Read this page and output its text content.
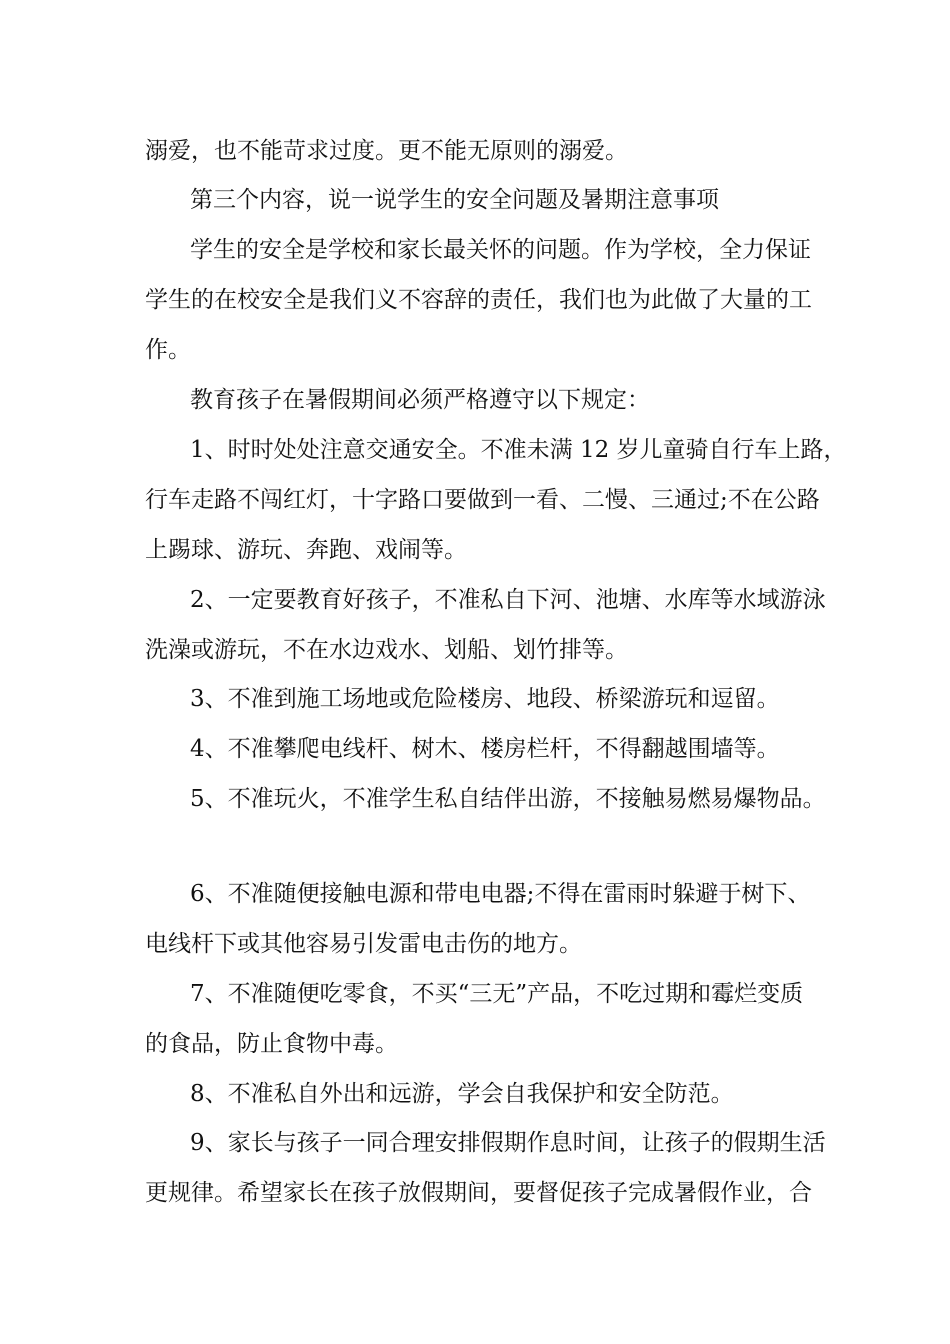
溺爱，也不能苛求过度。更不能无原则的溺爱。
第三个内容，说一说学生的安全问题及暑期注意事项
学生的安全是学校和家长最关怀的问题。作为学校，全力保证
学生的在校安全是我们义不容辞的责任，我们也为此做了大量的工
作。
教育孩子在暑假期间必须严格遵守以下规定：
1、时时处处注意交通安全。不准未满 12 岁儿童骑自行车上路，
行车走路不闯红灯，十字路口要做到一看、二慢、三通过;不在公路
上踢球、游玩、奔跑、戏闹等。
2、一定要教育好孩子，不准私自下河、池塘、水库等水域游泳
洗澡或游玩，不在水边戏水、划船、划竹排等。
3、不准到施工场地或危险楼房、地段、桥梁游玩和逗留。
4、不准攀爬电线杆、树木、楼房栏杆，不得翻越围墙等。
5、不准玩火，不准学生私自结伴出游，不接触易燃易爆物品。
6、不准随便接触电源和带电电器;不得在雷雨时躲避于树下、
电线杆下或其他容易引发雷电击伤的地方。
7、不准随便吃零食，不买“三无”产品，不吃过期和霉烂变质
的食品，防止食物中毒。
8、不准私自外出和远游，学会自我保护和安全防范。
9、家长与孩子一同合理安排假期作息时间，让孩子的假期生活
更规律。希望家长在孩子放假期间，要督促孩子完成暑假作业，合
